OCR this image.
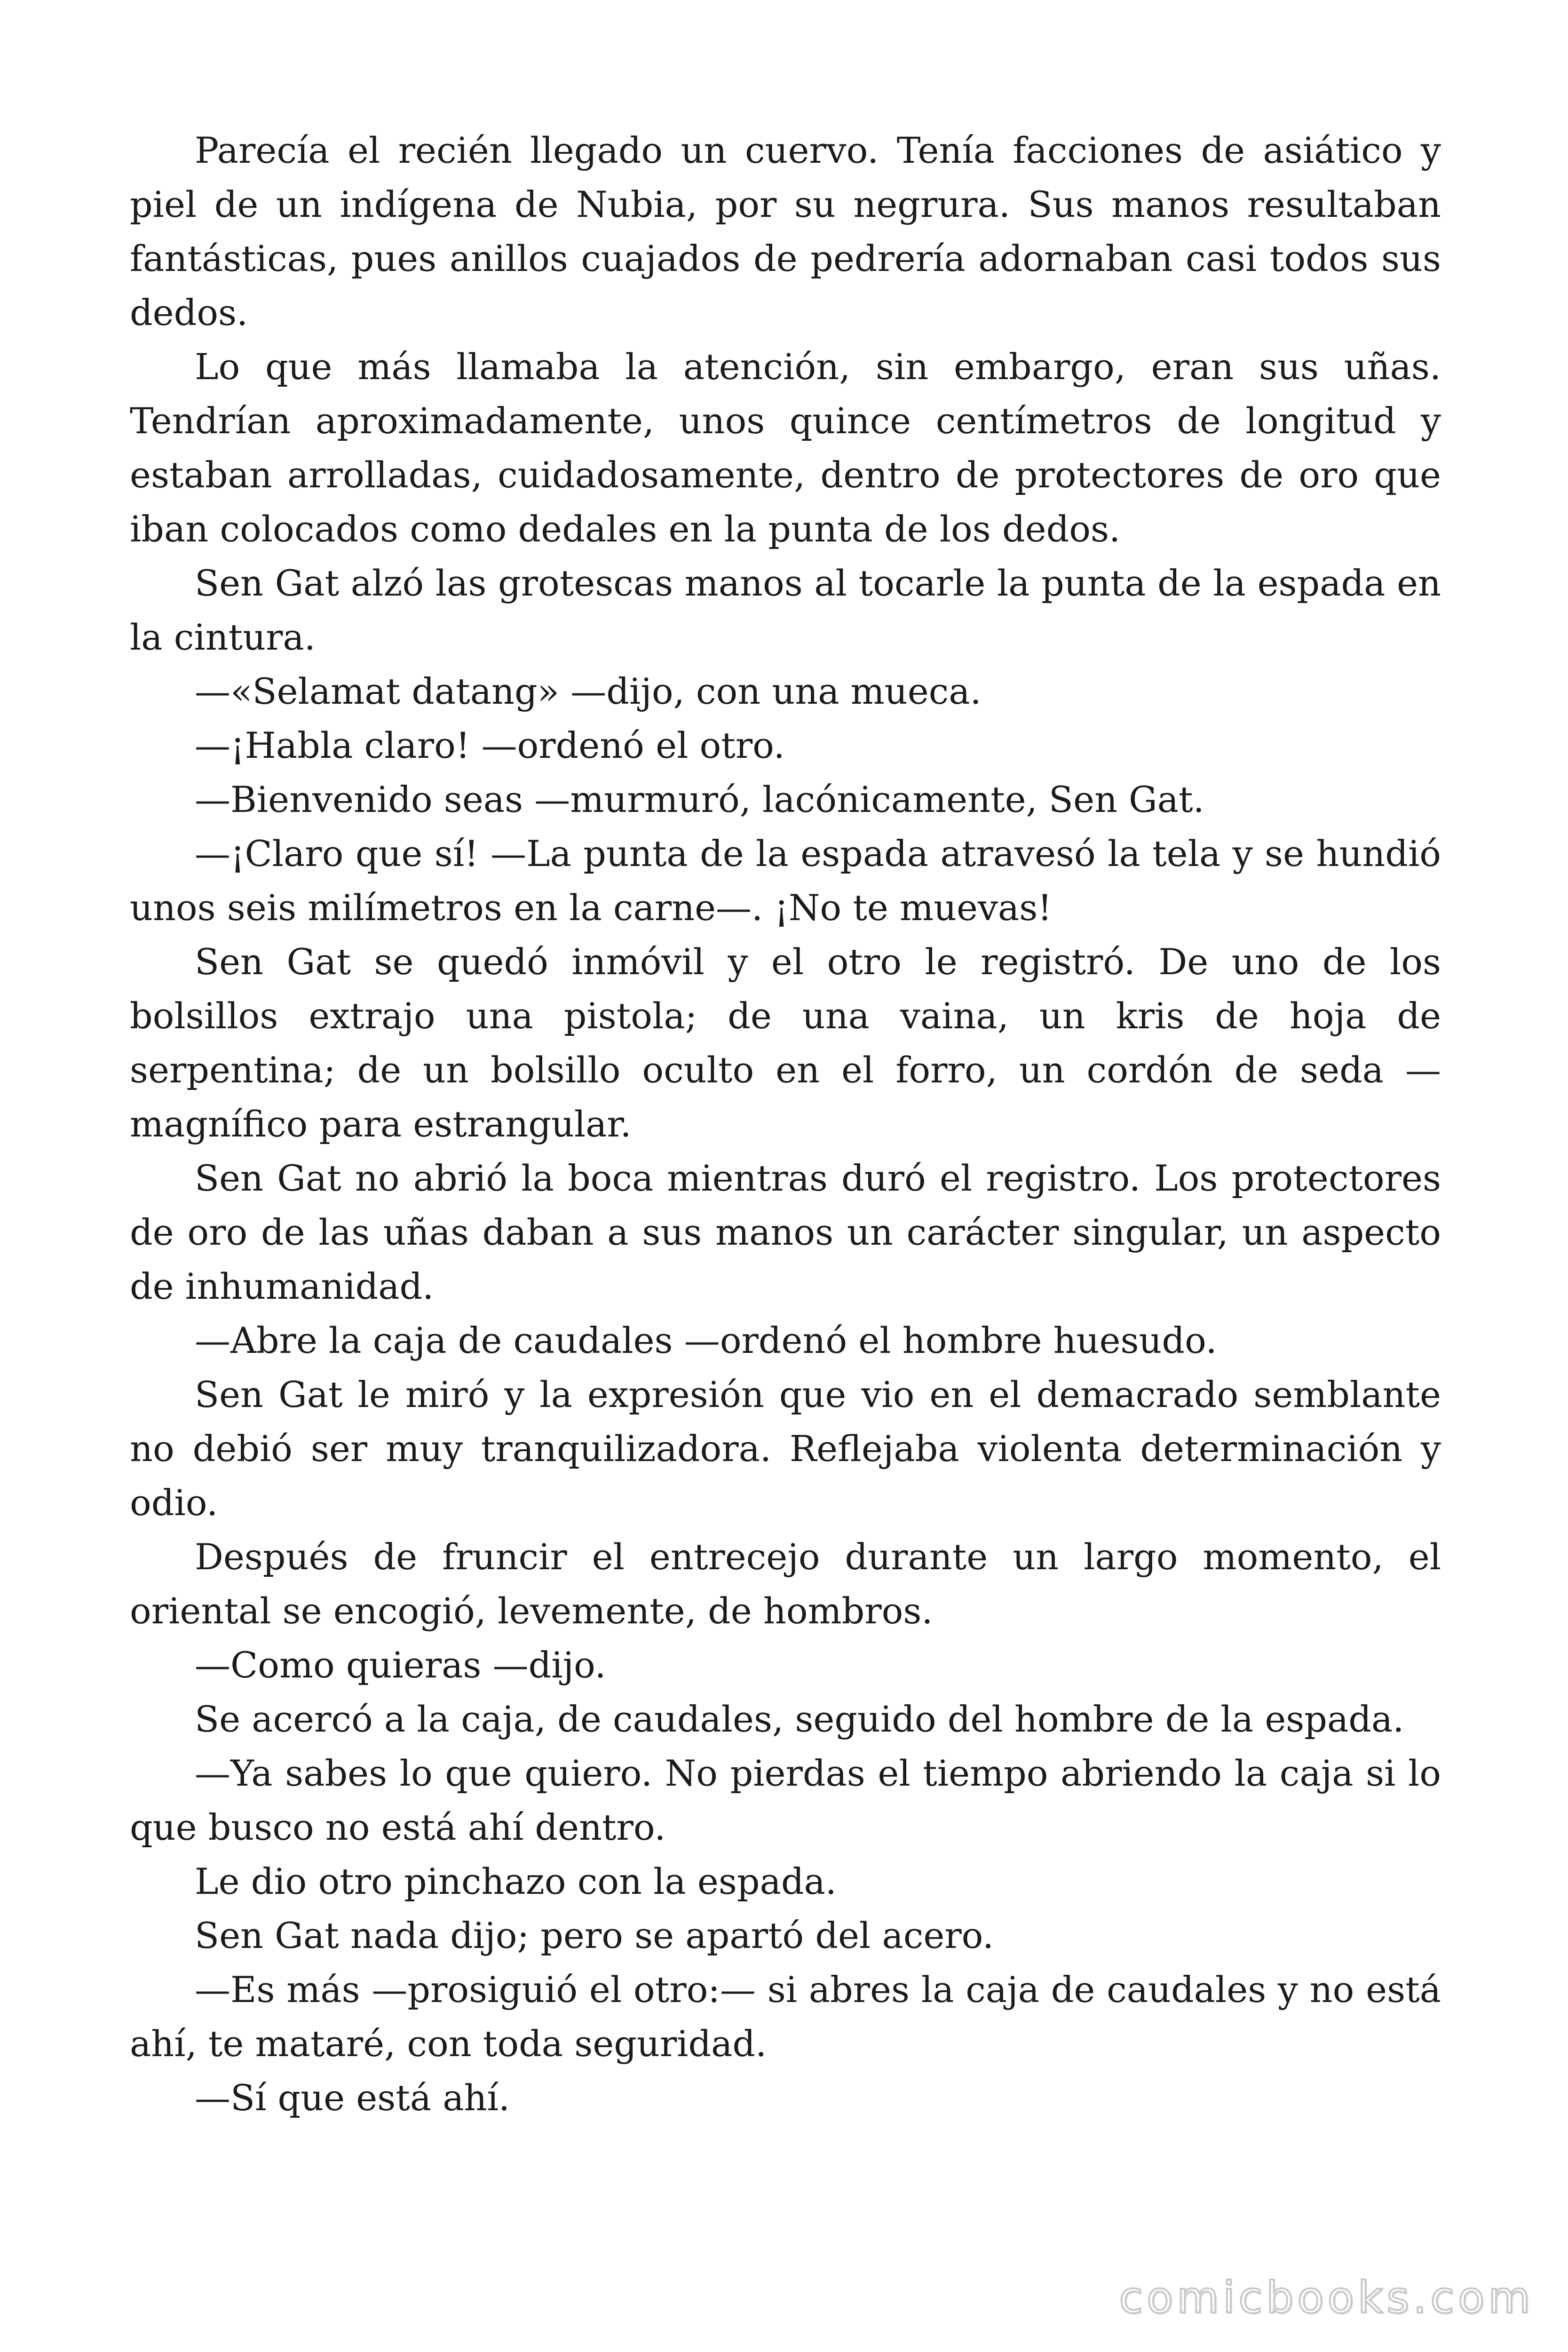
Parecía el recién llegado un cuervo. Tenía facciones de asiático y piel de un indígena de Nubia, por su negrura. Sus manos resultaban fantásticas, pues anillos cuajados de pedrería adornaban casi todos sus dedos.

Lo que más llamaba la atención, sin embargo, eran sus uñas. Tendrían aproximadamente, unos quince centímetros de longitud y estaban arrolladas, cuidadosamente, dentro de protectores de oro que iban colocados como dedales en la punta de los dedos.

Sen Gat alzó las grotescas manos al tocarle la punta de la espada en la cintura.

—«Selamat datang» —dijo, con una mueca.

—¡Habla claro! —ordenó el otro.

—Bienvenido seas —murmuró, lacónicamente, Sen Gat.

—¡Claro que sí! —La punta de la espada atravesó la tela y se hundió unos seis milímetros en la carne—. ¡No te muevas!

Sen Gat se quedó inmóvil y el otro le registró. De uno de los bolsillos extrajo una pistola; de una vaina, un kris de hoja de serpentina; de un bolsillo oculto en el forro, un cordón de seda —magnífico para estrangular.

Sen Gat no abrió la boca mientras duró el registro. Los protectores de oro de las uñas daban a sus manos un carácter singular, un aspecto de inhumanidad.

—Abre la caja de caudales —ordenó el hombre huesudo.

Sen Gat le miró y la expresión que vio en el demacrado semblante no debió ser muy tranquilizadora. Reflejaba violenta determinación y odio.

Después de fruncir el entrecejo durante un largo momento, el oriental se encogió, levemente, de hombros.

—Como quieras —dijo.

Se acercó a la caja, de caudales, seguido del hombre de la espada.

—Ya sabes lo que quiero. No pierdas el tiempo abriendo la caja si lo que busco no está ahí dentro.

Le dio otro pinchazo con la espada.

Sen Gat nada dijo; pero se apartó del acero.

—Es más —prosiguió el otro:— si abres la caja de caudales y no está ahí, te mataré, con toda seguridad.

—Sí que está ahí.

comicbooks.com
